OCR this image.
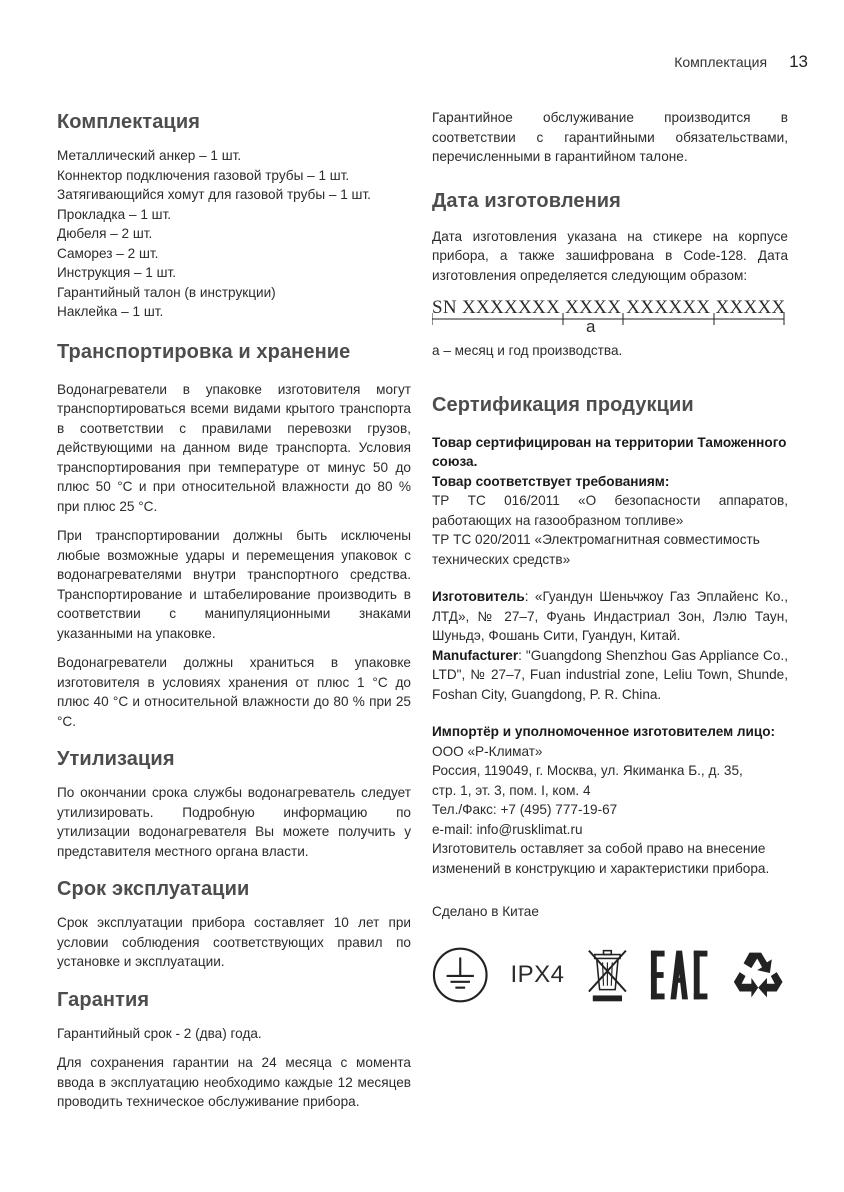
Комплектация 13
Комплектация
Металлический анкер – 1 шт.
Коннектор подключения газовой трубы – 1 шт.
Затягивающийся хомут для газовой трубы – 1 шт.
Прокладка – 1 шт.
Дюбеля – 2 шт.
Саморез – 2 шт.
Инструкция – 1 шт.
Гарантийный талон (в инструкции)
Наклейка – 1 шт.
Транспортировка и хранение

Водонагреватели в упаковке изготовителя могут транспортироваться всеми видами крытого транспорта в соответствии с правилами перевозки грузов, действующими на данном виде транспорта. Условия транспортирования при температуре от минус 50 до плюс 50 °С и при относительной влажности до 80 % при плюс 25 °С.

При транспортировании должны быть исключены любые возможные удары и перемещения упаковок с водонагревателями внутри транспортного средства. Транспортирование и штабелирование производить в соответствии с манипуляционными знаками указанными на упаковке.

Водонагреватели должны храниться в упаковке изготовителя в условиях хранения от плюс 1 °С до плюс 40 °С и относительной влажности до 80 % при 25 °С.

Утилизация

По окончании срока службы водонагреватель следует утилизировать. Подробную информацию по утилизации водонагревателя Вы можете получить у представителя местного органа власти.

Срок эксплуатации

Срок эксплуатации прибора составляет 10 лет при условии соблюдения соответствующих правил по установке и эксплуатации.

Гарантия

Гарантийный срок - 2 (два) года.

Для сохранения гарантии на 24 месяца с момента ввода в эксплуатацию необходимо каждые 12 месяцев проводить техническое обслуживание прибора.

Гарантийное обслуживание производится в соответствии с гарантийными обязательствами, перечисленными в гарантийном талоне.

Дата изготовления

Дата изготовления указана на стикере на корпусе прибора, а также зашифрована в Code-128. Дата изготовления определяется следующим образом:

SN XXXXXXX XXXX XXXXXX XXXXX
a

а – месяц и год производства.

Сертификация продукции

Товар сертифицирован на территории Таможенного союза.

Товар соответствует требованиям:

ТР ТС 016/2011 «О безопасности аппаратов, работающих на газообразном топливе»

ТР ТС 020/2011 «Электромагнитная совместимость технических средств»

Изготовитель: «Гуандун Шеньчжоу Газ Эплайенс Ко., ЛТД», № 27–7, Фуань Индастриал Зон, Лэлю Таун, Шуньдэ, Фошань Сити, Гуандун, Китай.

Manufacturer: "Guangdong Shenzhou Gas Appliance Co., LTD", № 27–7, Fuan industrial zone, Leliu Town, Shunde, Foshan City, Guangdong, P. R. China.

Импортёр и уполномоченное изготовителем лицо:

ООО «Р-Климат»

Россия, 119049, г. Москва, ул. Якиманка Б., д. 35,

стр. 1, эт. 3, пом. I, ком. 4

Тел./Факс: +7 (495) 777-19-67

e-mail: info@rusklimat.ru

Изготовитель оставляет за собой право на внесение изменений в конструкцию и характеристики прибора.

Сделано в Китае

IPX4
